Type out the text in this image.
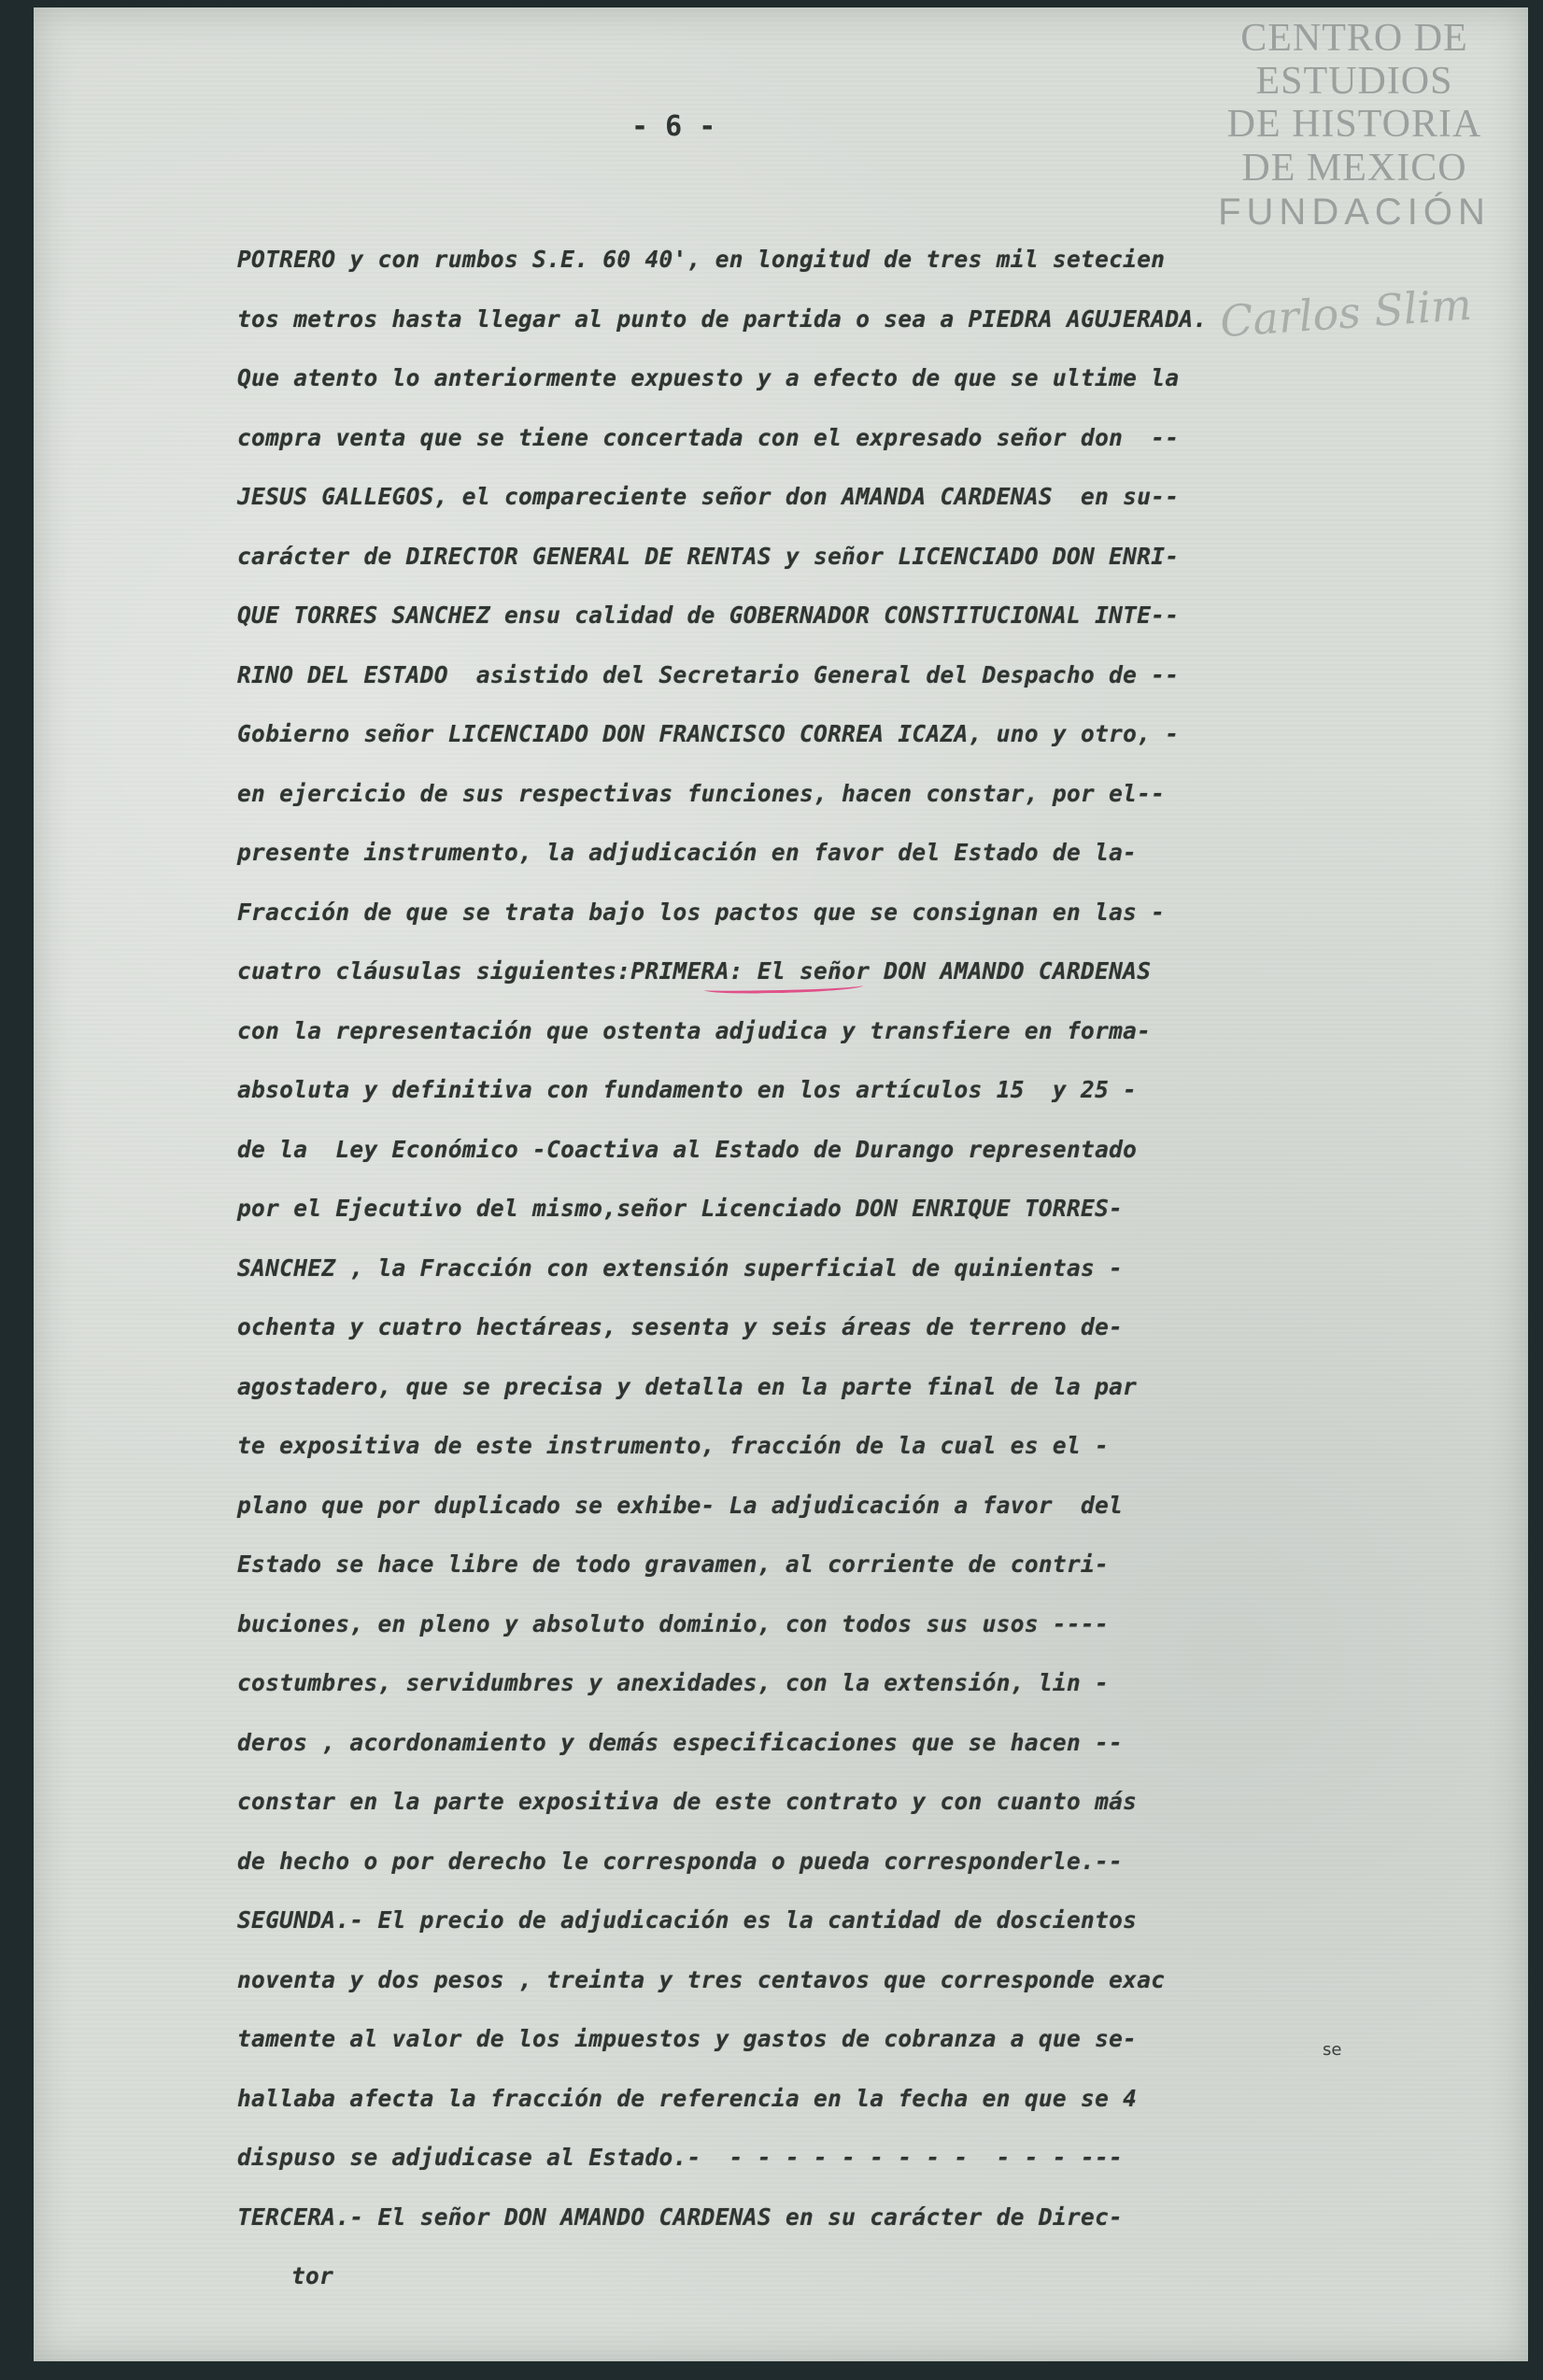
CENTRO DE
ESTUDIOS
DE HISTORIA
DE MEXICO
FUNDACIÓN
Carlos Slim
- 6 -
POTRERO y con rumbos S.E. 60 40', en longitud de tres mil setecien
tos metros hasta llegar al punto de partida o sea a PIEDRA AGUJERADA.
Que atento lo anteriormente expuesto y a efecto de que se ultime la
compra venta que se tiene concertada con el expresado señor don  --
JESUS GALLEGOS, el compareciente señor don AMANDA CARDENAS  en su--
carácter de DIRECTOR GENERAL DE RENTAS y señor LICENCIADO DON ENRI-
QUE TORRES SANCHEZ ensu calidad de GOBERNADOR CONSTITUCIONAL INTE--
RINO DEL ESTADO  asistido del Secretario General del Despacho de --
Gobierno señor LICENCIADO DON FRANCISCO CORREA ICAZA, uno y otro, -
en ejercicio de sus respectivas funciones, hacen constar, por el--
presente instrumento, la adjudicación en favor del Estado de la-
Fracción de que se trata bajo los pactos que se consignan en las -
cuatro cláusulas siguientes:PRIMERA: El señor DON AMANDO CARDENAS
con la representación que ostenta adjudica y transfiere en forma-
absoluta y definitiva con fundamento en los artículos 15  y 25 -
de la  Ley Económico -Coactiva al Estado de Durango representado
por el Ejecutivo del mismo,señor Licenciado DON ENRIQUE TORRES-
SANCHEZ , la Fracción con extensión superficial de quinientas -
ochenta y cuatro hectáreas, sesenta y seis áreas de terreno de-
agostadero, que se precisa y detalla en la parte final de la par
te expositiva de este instrumento, fracción de la cual es el -
plano que por duplicado se exhibe- La adjudicación a favor  del
Estado se hace libre de todo gravamen, al corriente de contri-
buciones, en pleno y absoluto dominio, con todos sus usos ----
costumbres, servidumbres y anexidades, con la extensión, lin -
deros , acordonamiento y demás especificaciones que se hacen --
constar en la parte expositiva de este contrato y con cuanto más
de hecho o por derecho le corresponda o pueda corresponderle.--
SEGUNDA.- El precio de adjudicación es la cantidad de doscientos
noventa y dos pesos , treinta y tres centavos que corresponde exac
tamente al valor de los impuestos y gastos de cobranza a que se-
hallaba afecta la fracción de referencia en la fecha en que se 4
dispuso se adjudicase al Estado.-  - - - - - - - - -  - - - ---
TERCERA.- El señor DON AMANDO CARDENAS en su carácter de Direc-
tor
se
